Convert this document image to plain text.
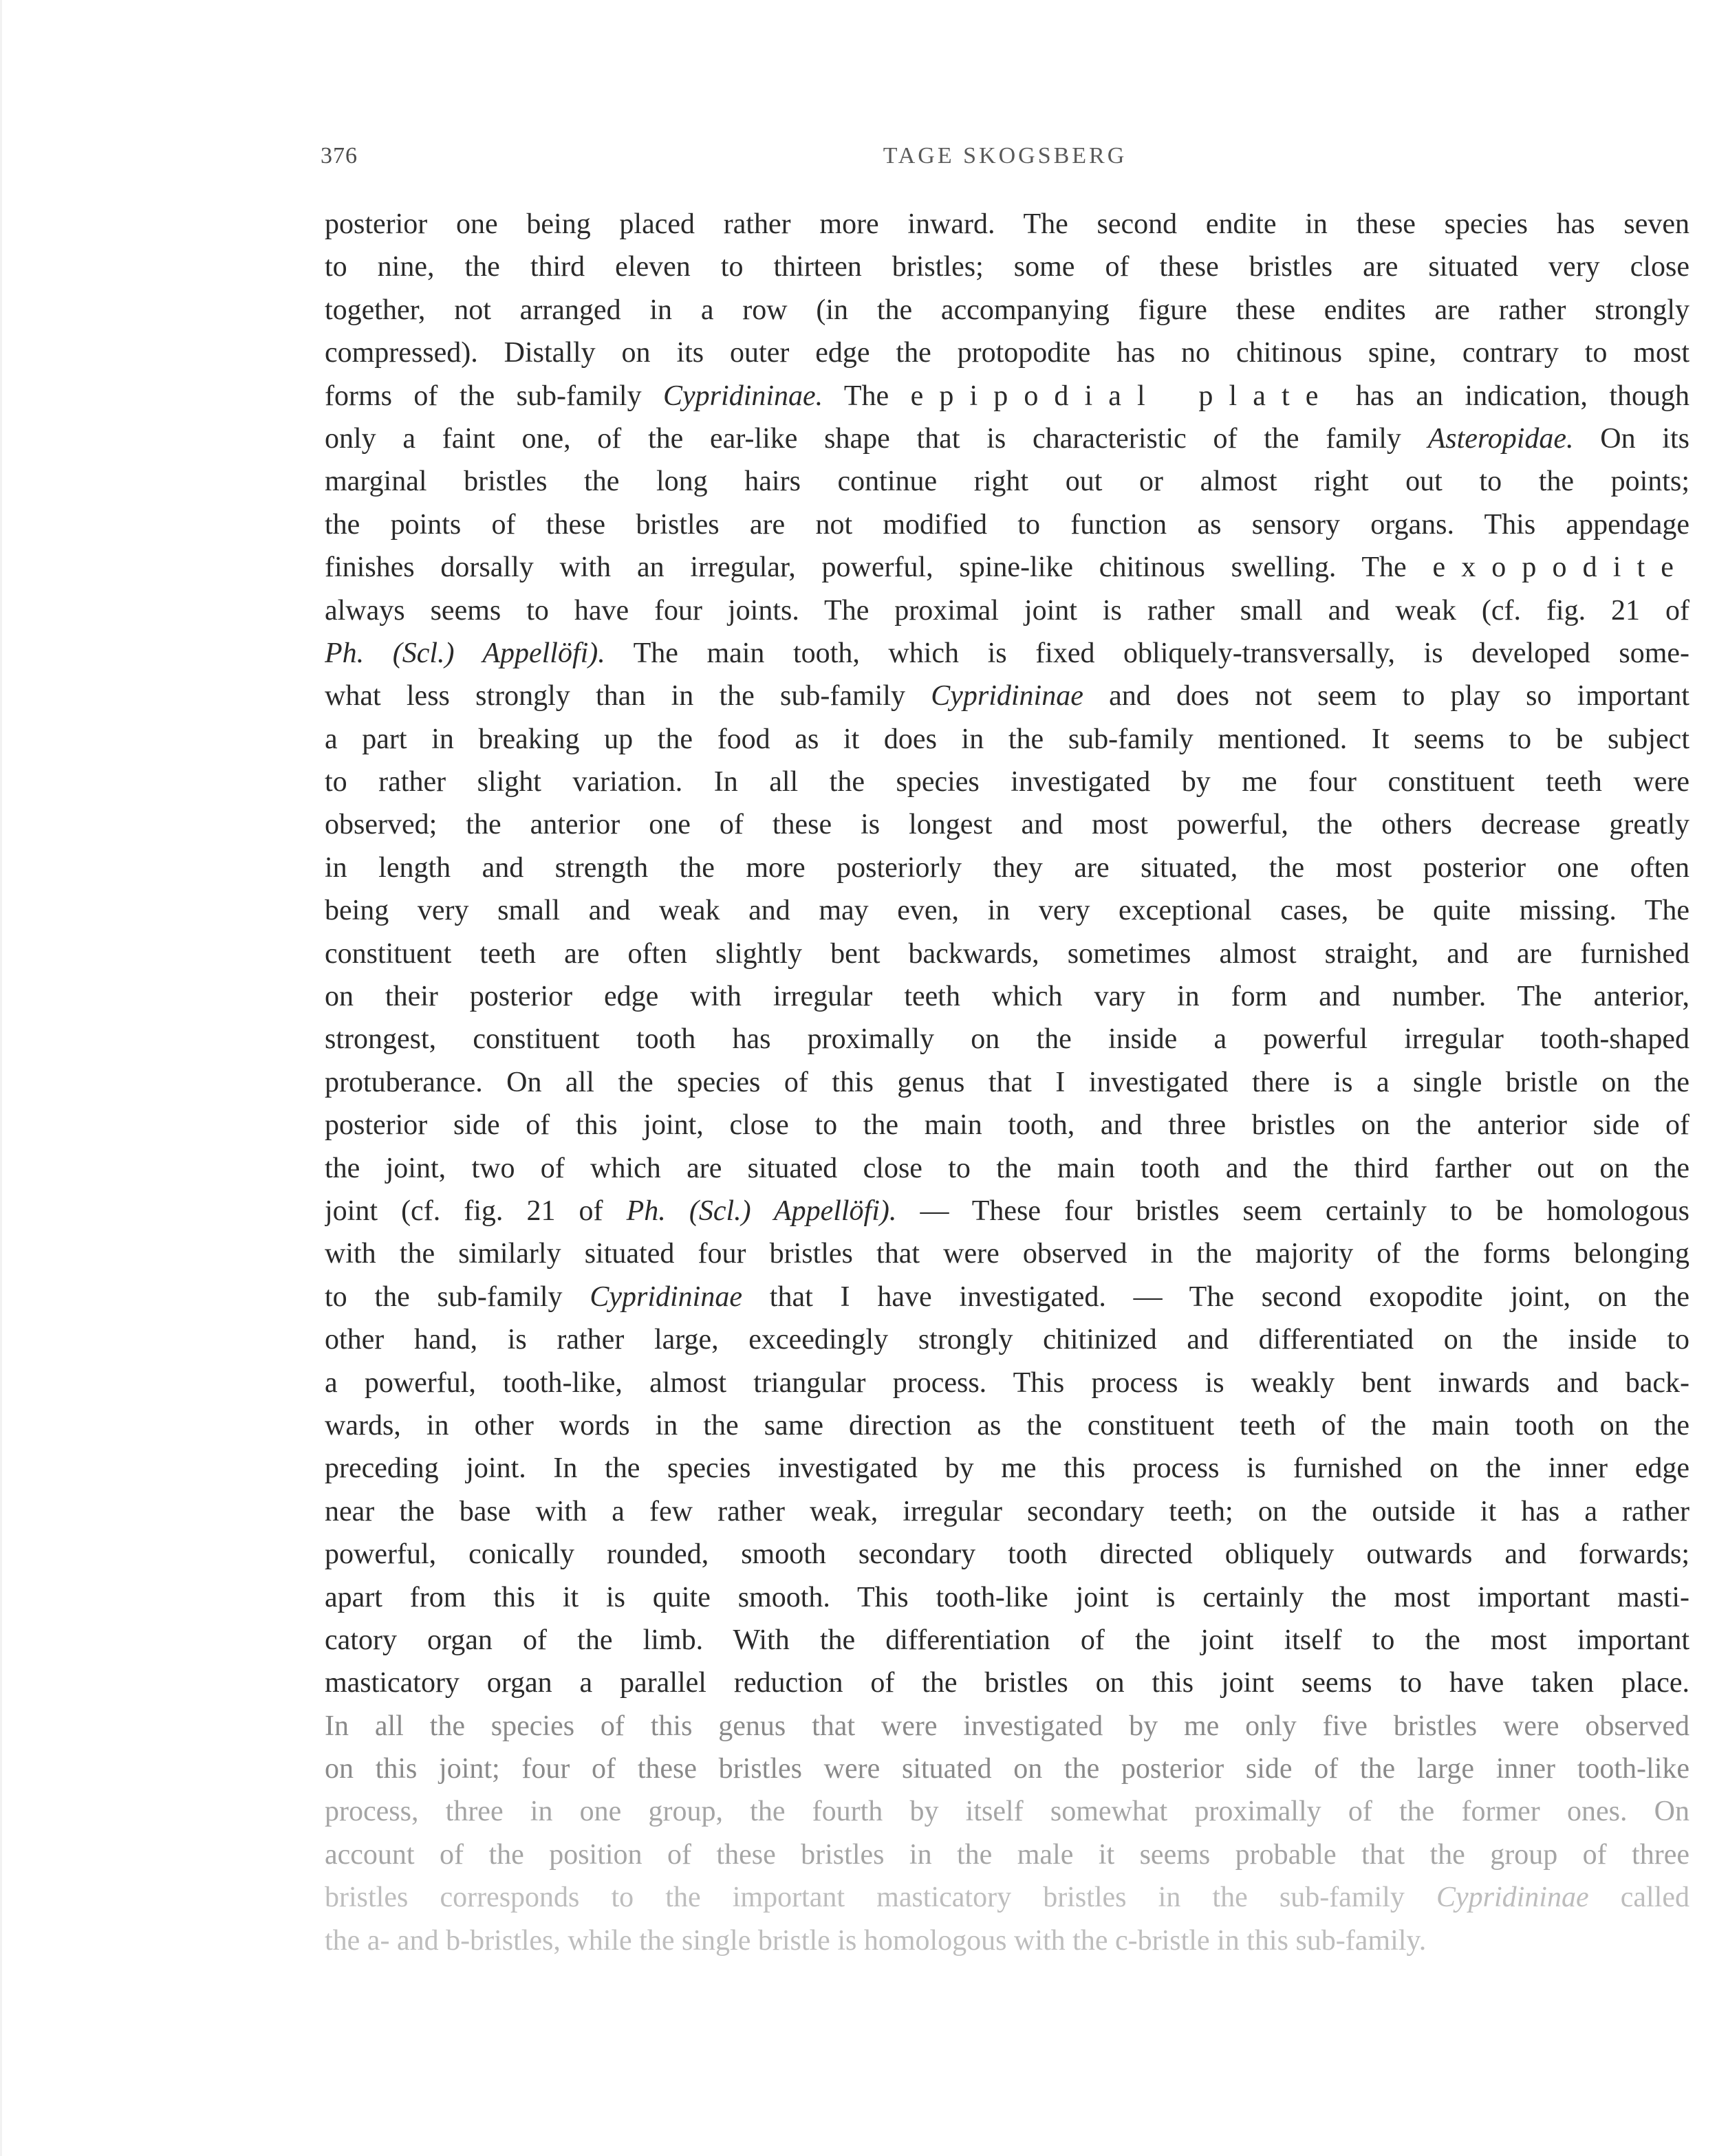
376	TAGE SKOGSBERG
posterior one being placed rather more inward. The second endite in these species has seven
to nine, the third eleven to thirteen bristles; some of these bristles are situated very close
together, not arranged in a row (in the accompanying figure these endites are rather strongly
compressed). Distally on its outer edge the protopodite has no chitinous spine, contrary to most
forms of the sub-family Cypridininae. The epipodial plate has an indication, though
only a faint one, of the ear-like shape that is characteristic of the family Asteropidae. On its
marginal bristles the long hairs continue right out or almost right out to the points;
the points of these bristles are not modified to function as sensory organs. This appendage
finishes dorsally with an irregular, powerful, spine-like chitinous swelling. The exopodite
always seems to have four joints. The proximal joint is rather small and weak (cf. fig. 21 of
Ph. (Scl.) Appellöfi). The main tooth, which is fixed obliquely-transversally, is developed some-
what less strongly than in the sub-family Cypridininae and does not seem to play so important
a part in breaking up the food as it does in the sub-family mentioned. It seems to be subject
to rather slight variation. In all the species investigated by me four constituent teeth were
observed; the anterior one of these is longest and most powerful, the others decrease greatly
in length and strength the more posteriorly they are situated, the most posterior one often
being very small and weak and may even, in very exceptional cases, be quite missing. The
constituent teeth are often slightly bent backwards, sometimes almost straight, and are furnished
on their posterior edge with irregular teeth which vary in form and number. The anterior,
strongest, constituent tooth has proximally on the inside a powerful irregular tooth-shaped
protuberance. On all the species of this genus that I investigated there is a single bristle on the
posterior side of this joint, close to the main tooth, and three bristles on the anterior side of
the joint, two of which are situated close to the main tooth and the third farther out on the
joint (cf. fig. 21 of Ph. (Scl.) Appellöfi). — These four bristles seem certainly to be homologous
with the similarly situated four bristles that were observed in the majority of the forms belonging
to the sub-family Cypridininae that I have investigated. — The second exopodite joint, on the
other hand, is rather large, exceedingly strongly chitinized and differentiated on the inside to
a powerful, tooth-like, almost triangular process. This process is weakly bent inwards and back-
wards, in other words in the same direction as the constituent teeth of the main tooth on the
preceding joint. In the species investigated by me this process is furnished on the inner edge
near the base with a few rather weak, irregular secondary teeth; on the outside it has a rather
powerful, conically rounded, smooth secondary tooth directed obliquely outwards and forwards;
apart from this it is quite smooth. This tooth-like joint is certainly the most important masti-
catory organ of the limb. With the differentiation of the joint itself to the most important
masticatory organ a parallel reduction of the bristles on this joint seems to have taken place.
In all the species of this genus that were investigated by me only five bristles were observed
on this joint; four of these bristles were situated on the posterior side of the large inner tooth-like
process, three in one group, the fourth by itself somewhat proximally of the former ones. On
account of the position of these bristles in the male it seems probable that the group of three
bristles corresponds to the important masticatory bristles in the sub-family Cypridininae called
the a- and b-bristles, while the single bristle is homologous with the c-bristle in this sub-family.
